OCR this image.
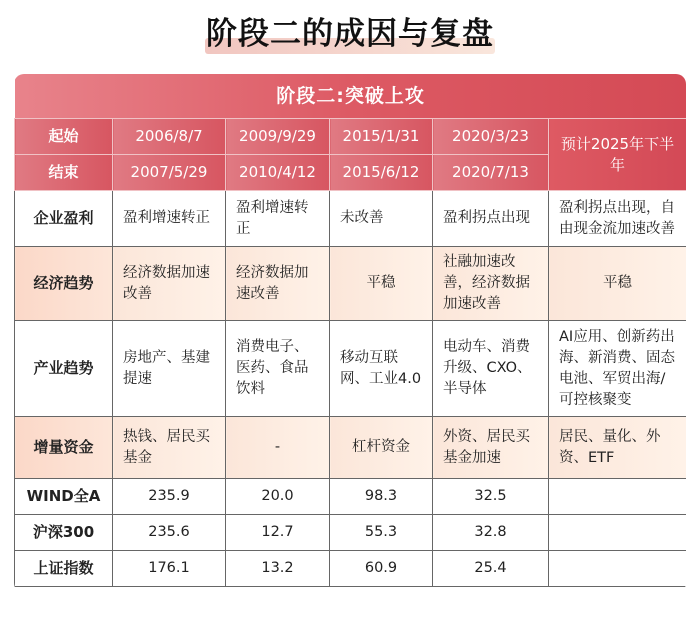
阶段二的成因与复盘
阶段二:突破上攻					
起始	2006/8/7	2009/9/29	2015/1/31	2020/3/23	预计2025年下半年
结束	2007/5/29	2010/4/12	2015/6/12	2020/7/13	
企业盈利	盈利增速转正	盈利增速转正	未改善	盈利拐点出现	盈利拐点出现，自由现金流加速改善
经济趋势	经济数据加速改善	经济数据加速改善	平稳	社融加速改善，经济数据加速改善	平稳
产业趋势	房地产、基建提速	消费电子、医药、食品饮料	移动互联网、工业4.0	电动车、消费升级、CXO、半导体	AI应用、创新药出海、新消费、固态电池、军贸出海/可控核聚变
增量资金	热钱、居民买基金	-	杠杆资金	外资、居民买基金加速	居民、量化、外资、ETF
WIND全A	235.9	20.0	98.3	32.5	
沪深300	235.6	12.7	55.3	32.8	
上证指数	176.1	13.2	60.9	25.4	
